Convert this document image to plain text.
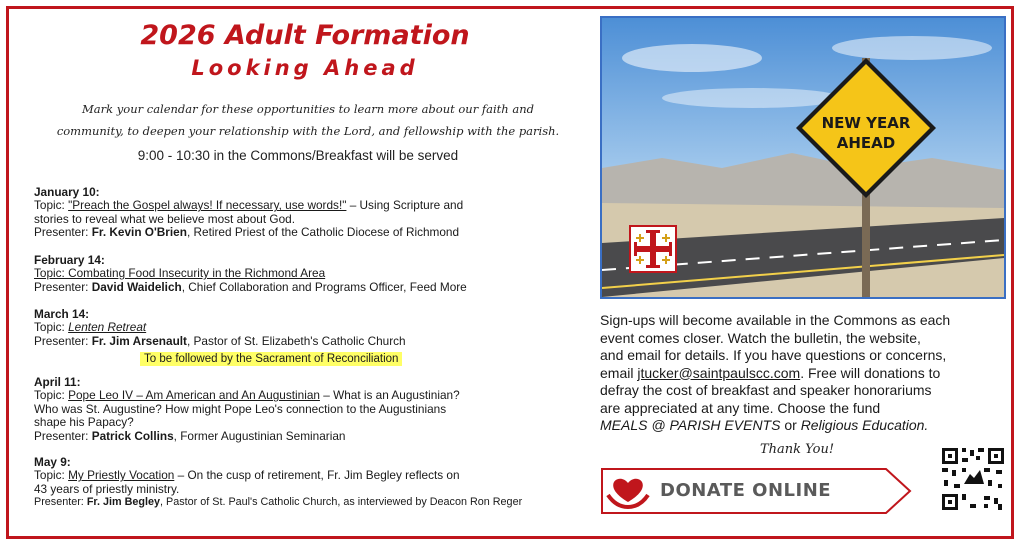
2026 Adult Formation
Looking Ahead
Mark your calendar for these opportunities to learn more about our faith and
community, to deepen your relationship with the Lord, and fellowship with the parish.
9:00 - 10:30 in the Commons/Breakfast will be served
January 10:
Topic: "Preach the Gospel always! If necessary, use words!" – Using Scripture and
stories to reveal what we believe most about God.
Presenter: Fr. Kevin O'Brien, Retired Priest of the Catholic Diocese of Richmond
February 14:
Topic: Combating Food Insecurity in the Richmond Area
Presenter: David Waidelich, Chief Collaboration and Programs Officer, Feed More
March 14:
Topic: Lenten Retreat
Presenter: Fr. Jim Arsenault, Pastor of St. Elizabeth's Catholic Church
To be followed by the Sacrament of Reconciliation
April 11:
Topic: Pope Leo IV – Am American and An Augustinian – What is an Augustinian?
Who was St. Augustine? How might Pope Leo's connection to the Augustinians
shape his Papacy?
Presenter: Patrick Collins, Former Augustinian Seminarian
May 9:
Topic: My Priestly Vocation – On the cusp of retirement, Fr. Jim Begley reflects on
43 years of priestly ministry.
Presenter: Fr. Jim Begley, Pastor of St. Paul's Catholic Church, as interviewed by Deacon Ron Reger
NEW YEAR
AHEAD
Sign-ups will become available in the Commons as each
event comes closer. Watch the bulletin, the website,
and email for details. If you have questions or concerns,
email jtucker@saintpaulscc.com. Free will donations to
defray the cost of breakfast and speaker honorariums
are appreciated at any time. Choose the fund
MEALS @ PARISH EVENTS or Religious Education.
Thank You!
DONATE ONLINE
